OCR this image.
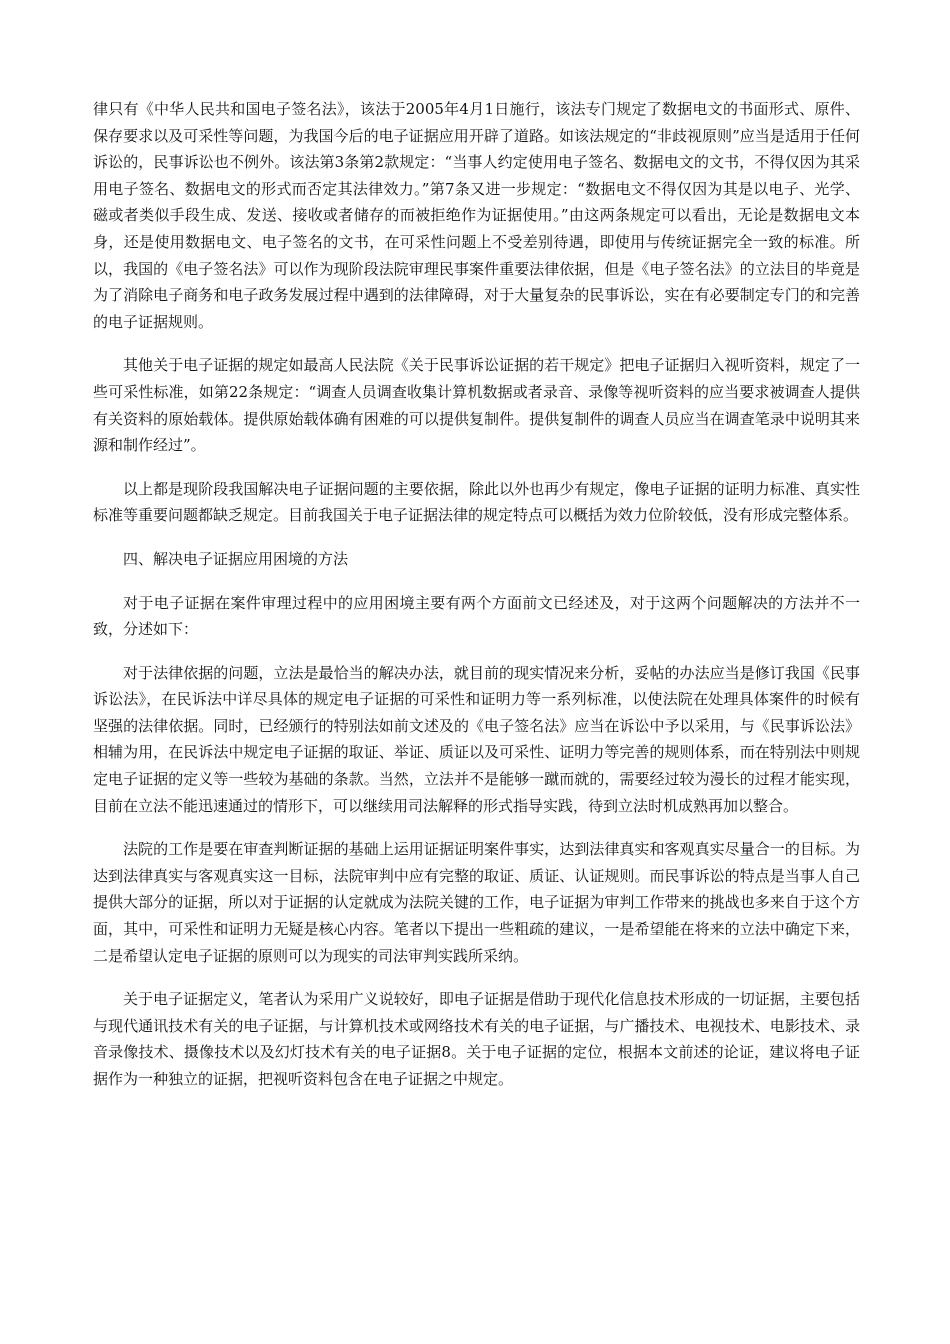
律只有《中华人民共和国电子签名法》，该法于2005年4月1日施行，该法专门规定了数据电文的书面形式、原件、保存要求以及可采性等问题，为我国今后的电子证据应用开辟了道路。如该法规定的“非歧视原则”应当是适用于任何诉讼的，民事诉讼也不例外。该法第3条第2款规定：“当事人约定使用电子签名、数据电文的文书，不得仅因为其采用电子签名、数据电文的形式而否定其法律效力。”第7条又进一步规定：“数据电文不得仅因为其是以电子、光学、磁或者类似手段生成、发送、接收或者储存的而被拒绝作为证据使用。”由这两条规定可以看出，无论是数据电文本身，还是使用数据电文、电子签名的文书，在可采性问题上不受差别待遇，即使用与传统证据完全一致的标准。所以，我国的《电子签名法》可以作为现阶段法院审理民事案件重要法律依据，但是《电子签名法》的立法目的毕竟是为了消除电子商务和电子政务发展过程中遇到的法律障碍，对于大量复杂的民事诉讼，实在有必要制定专门的和完善的电子证据规则。

其他关于电子证据的规定如最高人民法院《关于民事诉讼证据的若干规定》把电子证据归入视听资料，规定了一些可采性标准，如第22条规定：“调查人员调查收集计算机数据或者录音、录像等视听资料的应当要求被调查人提供有关资料的原始载体。提供原始载体确有困难的可以提供复制件。提供复制件的调查人员应当在调查笔录中说明其来源和制作经过”。

以上都是现阶段我国解决电子证据问题的主要依据，除此以外也再少有规定，像电子证据的证明力标准、真实性标准等重要问题都缺乏规定。目前我国关于电子证据法律的规定特点可以概括为效力位阶较低，没有形成完整体系。

四、解决电子证据应用困境的方法

对于电子证据在案件审理过程中的应用困境主要有两个方面前文已经述及，对于这两个问题解决的方法并不一致，分述如下：

对于法律依据的问题，立法是最恰当的解决办法，就目前的现实情况来分析，妥帖的办法应当是修订我国《民事诉讼法》，在民诉法中详尽具体的规定电子证据的可采性和证明力等一系列标准，以使法院在处理具体案件的时候有坚强的法律依据。同时，已经颁行的特别法如前文述及的《电子签名法》应当在诉讼中予以采用，与《民事诉讼法》相辅为用，在民诉法中规定电子证据的取证、举证、质证以及可采性、证明力等完善的规则体系，而在特别法中则规定电子证据的定义等一些较为基础的条款。当然，立法并不是能够一蹴而就的，需要经过较为漫长的过程才能实现，目前在立法不能迅速通过的情形下，可以继续用司法解释的形式指导实践，待到立法时机成熟再加以整合。

法院的工作是要在审查判断证据的基础上运用证据证明案件事实，达到法律真实和客观真实尽量合一的目标。为达到法律真实与客观真实这一目标，法院审判中应有完整的取证、质证、认证规则。而民事诉讼的特点是当事人自己提供大部分的证据，所以对于证据的认定就成为法院关键的工作，电子证据为审判工作带来的挑战也多来自于这个方面，其中，可采性和证明力无疑是核心内容。笔者以下提出一些粗疏的建议，一是希望能在将来的立法中确定下来，二是希望认定电子证据的原则可以为现实的司法审判实践所采纳。

关于电子证据定义，笔者认为采用广义说较好，即电子证据是借助于现代化信息技术形成的一切证据，主要包括与现代通讯技术有关的电子证据，与计算机技术或网络技术有关的电子证据，与广播技术、电视技术、电影技术、录音录像技术、摄像技术以及幻灯技术有关的电子证据8。关于电子证据的定位，根据本文前述的论证，建议将电子证据作为一种独立的证据，把视听资料包含在电子证据之中规定。
